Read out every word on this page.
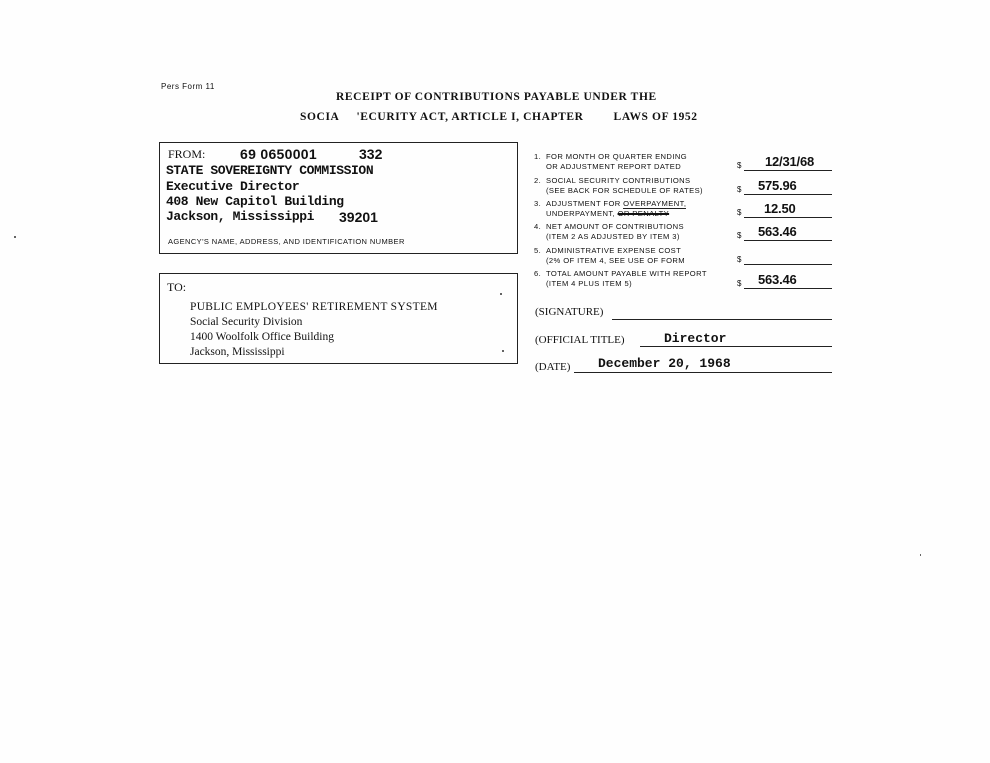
Pers Form 11
RECEIPT OF CONTRIBUTIONS PAYABLE UNDER THE
SOCIA 'ECURITY ACT, ARTICLE I, CHAPTER	LAWS OF 1952
FROM: 69 0650001	332
STATE SOVEREIGNTY COMMISSION
Executive Director
408 New Capitol Building
Jackson, Mississippi 39201
AGENCY'S NAME, ADDRESS, AND IDENTIFICATION NUMBER
TO:
PUBLIC EMPLOYEES' RETIREMENT SYSTEM
Social Security Division
1400 Woolfolk Office Building
Jackson, Mississippi
1. FOR MONTH OR QUARTER ENDING
OR ADJUSTMENT REPORT DATED	$ 12/31/68
2. SOCIAL SECURITY CONTRIBUTIONS
(SEE BACK FOR SCHEDULE OF RATES)	$ 575.96
3. ADJUSTMENT FOR OVERPAYMENT,
UNDERPAYMENT, OR PENALTY	$ 12.50
4. NET AMOUNT OF CONTRIBUTIONS
(ITEM 2 AS ADJUSTED BY ITEM 3)	$ 563.46
5. ADMINISTRATIVE EXPENSE COST
(2% OF ITEM 4, SEE USE OF FORM	$
6. TOTAL AMOUNT PAYABLE WITH REPORT
(ITEM 4 PLUS ITEM 5)	$ 563.46
(SIGNATURE)
(OFFICIAL TITLE)	Director
(DATE) December 20, 1968
